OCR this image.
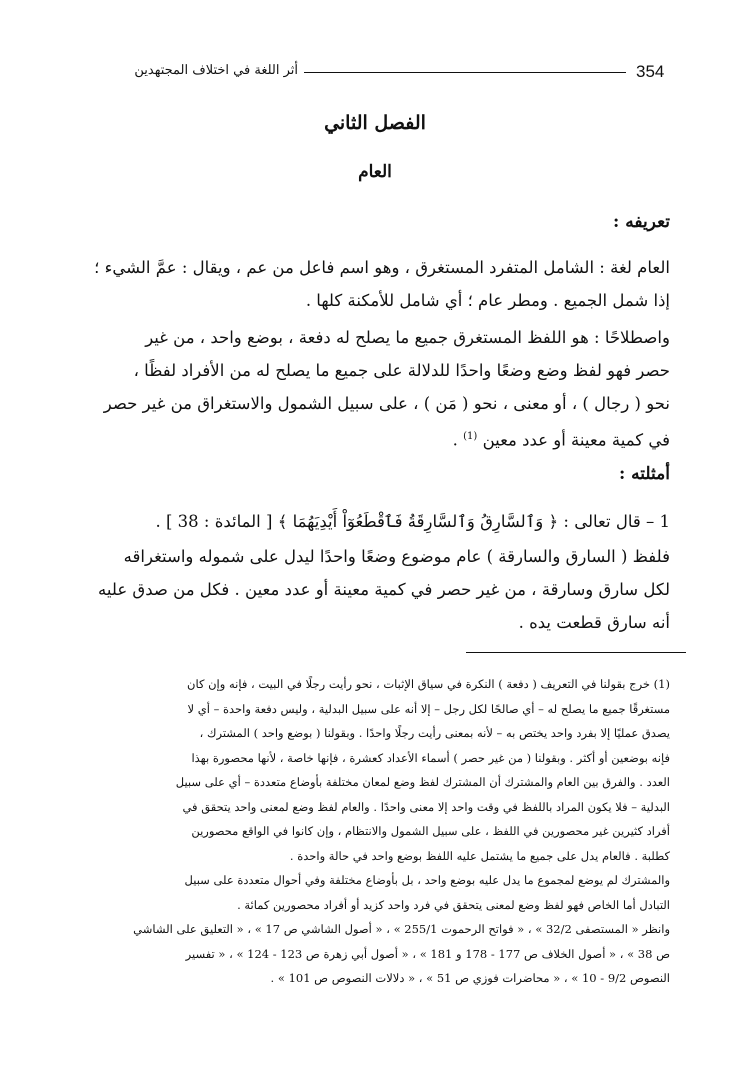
354
أثر اللغة في اختلاف المجتهدين
الفصل الثاني
العام
تعريفه :
العام لغة : الشامل المتفرد المستغرق ، وهو اسم فاعل من عم ، ويقال : عمَّ الشيء ؛
إذا شمل الجميع . ومطر عام ؛ أي شامل للأمكنة كلها .
واصطلاحًا : هو اللفظ المستغرق جميع ما يصلح له دفعة ، بوضع واحد ، من غير
حصر فهو لفظ وضع وضعًا واحدًا للدلالة على جميع ما يصلح له من الأفراد لفظًا ،
نحو ( رجال ) ، أو معنى ، نحو ( مَن ) ، على سبيل الشمول والاستغراق من غير حصر
في كمية معينة أو عدد معين $^{(1)}$ .
أمثلته :
1 – قال تعالى : ﴿ وَٱلسَّارِقُ وَٱلسَّارِقَةُ فَٱقْطَعُوٓاْ أَيْدِيَهُمَا ﴾ [ المائدة : 38 ] .
فلفظ ( السارق والسارقة ) عام موضوع وضعًا واحدًا ليدل على شموله واستغراقه
لكل سارق وسارقة ، من غير حصر في كمية معينة أو عدد معين . فكل من صدق عليه
أنه سارق قطعت يده .
(1) خرج بقولنا في التعريف ( دفعة ) النكرة في سياق الإثبات ، نحو رأيت رجلًا في البيت ، فإنه وإن كان
مستغرقًا جميع ما يصلح له – أي صالحًا لكل رجل – إلا أنه على سبيل البدلية ، وليس دفعة واحدة – أي لا
يصدق عمليًا إلا بفرد واحد يختص به – لأنه بمعنى رأيت رجلًا واحدًا . وبقولنا ( بوضع واحد ) المشترك ،
فإنه بوضعين أو أكثر . وبقولنا ( من غير حصر ) أسماء الأعداد كعشرة ، فإنها خاصة ، لأنها محصورة بهذا
العدد . والفرق بين العام والمشترك أن المشترك لفظ وضع لمعان مختلفة بأوضاع متعددة – أي على سبيل
البدلية – فلا يكون المراد باللفظ في وقت واحد إلا معنى واحدًا . والعام لفظ وضع لمعنى واحد يتحقق في
أفراد كثيرين غير محصورين في اللفظ ، على سبيل الشمول والانتظام ، وإن كانوا في الواقع محصورين
كطلبة . فالعام يدل على جميع ما يشتمل عليه اللفظ بوضع واحد في حالة واحدة .
والمشترك لم يوضع لمجموع ما يدل عليه بوضع واحد ، بل بأوضاع مختلفة وفي أحوال متعددة على سبيل
التبادل أما الخاص فهو لفظ وضع لمعنى يتحقق في فرد واحد كزيد أو أفراد محصورين كمائة .
وانظر « المستصفى 32/2 » ، « فواتح الرحموت 255/1 » ، « أصول الشاشي ص 17 » ، « التعليق على الشاشي
ص 38 » ، « أصول الخلاف ص 177 - 178 و 181 » ، « أصول أبي زهرة ص 123 - 124 » ، « تفسير
النصوص 9/2 - 10 » ، « محاضرات فوزي ص 51 » ، « دلالات النصوص ص 101 » .
